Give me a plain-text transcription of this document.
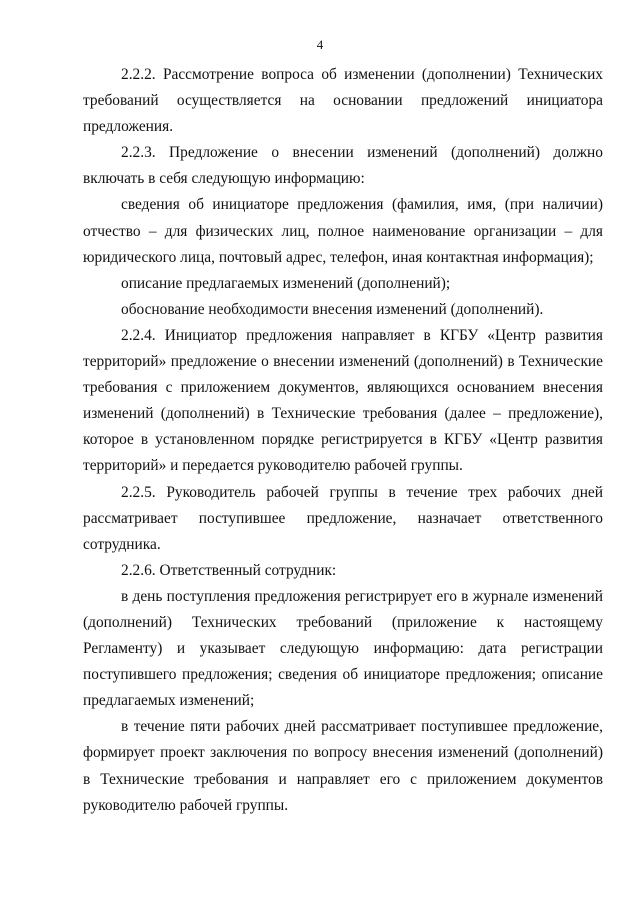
4

2.2.2. Рассмотрение вопроса об изменении (дополнении) Технических требований осуществляется на основании предложений инициатора предложения.

2.2.3. Предложение о внесении изменений (дополнений) должно включать в себя следующую информацию:

сведения об инициаторе предложения (фамилия, имя, (при наличии) отчество – для физических лиц, полное наименование организации – для юридического лица, почтовый адрес, телефон, иная контактная информация);

описание предлагаемых изменений (дополнений);

обоснование необходимости внесения изменений (дополнений).

2.2.4. Инициатор предложения направляет в КГБУ «Центр развития территорий» предложение о внесении изменений (дополнений) в Технические требования с приложением документов, являющихся основанием внесения изменений (дополнений) в Технические требования (далее – предложение), которое в установленном порядке регистрируется в КГБУ «Центр развития территорий» и передается руководителю рабочей группы.

2.2.5. Руководитель рабочей группы в течение трех рабочих дней рассматривает поступившее предложение, назначает ответственного сотрудника.

2.2.6. Ответственный сотрудник:

в день поступления предложения регистрирует его в журнале изменений (дополнений) Технических требований (приложение к настоящему Регламенту) и указывает следующую информацию: дата регистрации поступившего предложения; сведения об инициаторе предложения; описание предлагаемых изменений;

в течение пяти рабочих дней рассматривает поступившее предложение, формирует проект заключения по вопросу внесения изменений (дополнений) в Технические требования и направляет его с приложением документов руководителю рабочей группы.
